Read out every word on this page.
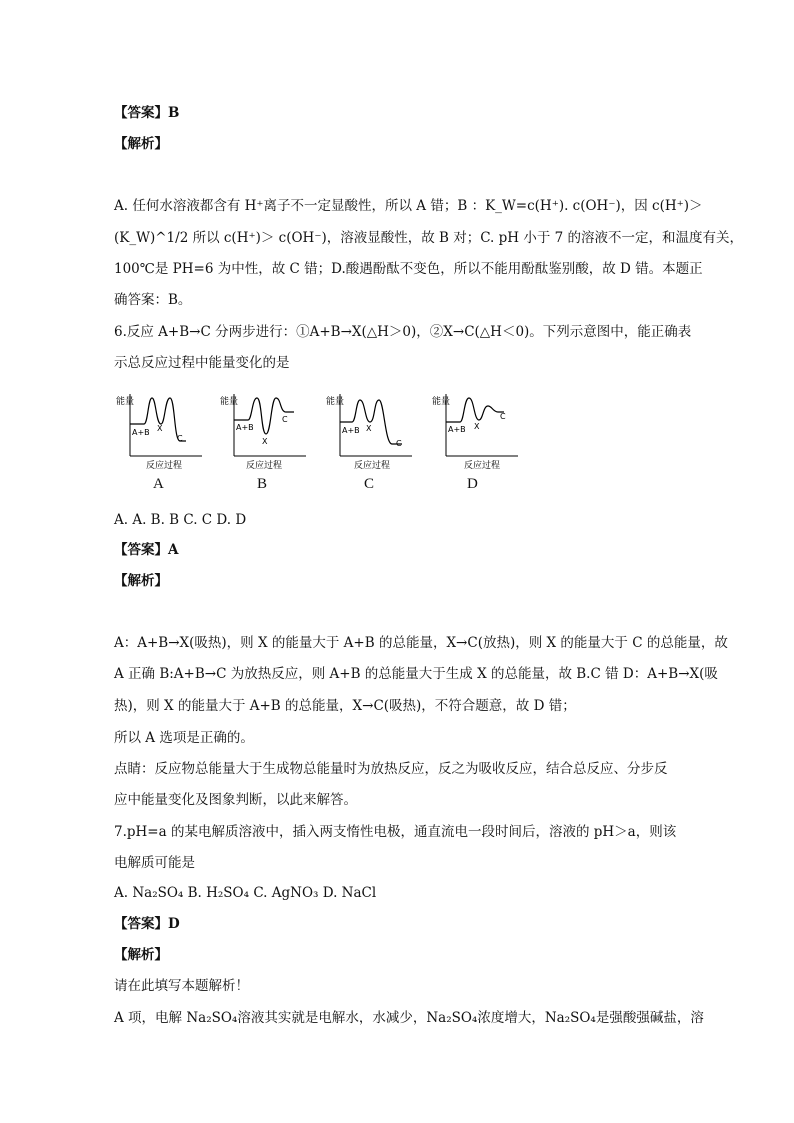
【答案】B
【解析】
A. 任何水溶液都含有 H⁺离子不一定显酸性，所以 A 错；B ：K_W=c(H⁺). c(OH⁻)，因 c(H⁺)＞
(K_W)^1/2 所以 c(H⁺)＞ c(OH⁻)，溶液显酸性，故 B 对；C. pH 小于 7 的溶液不一定，和温度有关，
100℃是 PH=6 为中性，故 C 错；D.酸遇酚酞不变色，所以不能用酚酞鉴别酸，故 D 错。本题正
确答案：B。
6.反应 A+B→C 分两步进行：①A+B→X(△H＞0)，②X→C(△H＜0)。下列示意图中，能正确表
示总反应过程中能量变化的是
能量
A+B X
C
反应过程
能量
A+B
X
C
反应过程
能量
A+B X
C
反应过程
能量
A+B X
C
反应过程
A	B	C	D
A. A. B. B C. C D. D
【答案】A
【解析】
A：A+B→X(吸热)，则 X 的能量大于 A+B 的总能量，X→C(放热)，则 X 的能量大于 C 的总能量，故
A 正确 B:A+B→C 为放热反应，则 A+B 的总能量大于生成 X 的总能量，故 B.C 错 D：A+B→X(吸
热)，则 X 的能量大于 A+B 的总能量，X→C(吸热)，不符合题意，故 D 错；
所以 A 选项是正确的。
点睛：反应物总能量大于生成物总能量时为放热反应，反之为吸收反应，结合总反应、分步反
应中能量变化及图象判断，以此来解答。
7.pH=a 的某电解质溶液中，插入两支惰性电极，通直流电一段时间后，溶液的 pH＞a，则该
电解质可能是
A. Na₂SO₄ B. H₂SO₄ C. AgNO₃ D. NaCl
【答案】D
【解析】
请在此填写本题解析！
A 项，电解 Na₂SO₄溶液其实就是电解水，水减少，Na₂SO₄浓度增大，Na₂SO₄是强酸强碱盐，溶
